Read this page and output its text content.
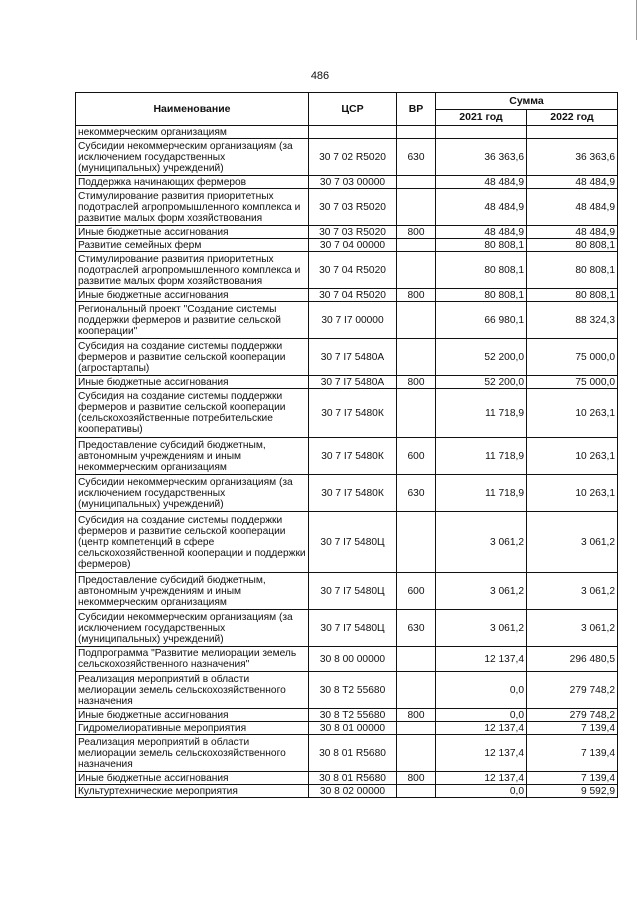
486
Наименование	ЦСР	ВР	Сумма	
			2021 год	2022 год
некоммерческим организациям				
Субсидии некоммерческим организациям (за исключением государственных (муниципальных) учреждений)	30 7 02 R5020	630	36 363,6	36 363,6
Поддержка начинающих фермеров	30 7 03 00000		48 484,9	48 484,9
Стимулирование развития приоритетных подотраслей агропромышленного комплекса и развитие малых форм хозяйствования	30 7 03 R5020		48 484,9	48 484,9
Иные бюджетные ассигнования	30 7 03 R5020	800	48 484,9	48 484,9
Развитие семейных ферм	30 7 04 00000		80 808,1	80 808,1
Стимулирование развития приоритетных подотраслей агропромышленного комплекса и развитие малых форм хозяйствования	30 7 04 R5020		80 808,1	80 808,1
Иные бюджетные ассигнования	30 7 04 R5020	800	80 808,1	80 808,1
Региональный проект "Создание системы поддержки фермеров и развитие сельской кооперации"	30 7 I7 00000		66 980,1	88 324,3
Субсидия на создание системы поддержки фермеров и развитие сельской кооперации (агростартапы)	30 7 I7 5480А		52 200,0	75 000,0
Иные бюджетные ассигнования	30 7 I7 5480А	800	52 200,0	75 000,0
Субсидия на создание системы поддержки фермеров и развитие сельской кооперации (сельскохозяйственные потребительские кооперативы)	30 7 I7 5480К		11 718,9	10 263,1
Предоставление субсидий бюджетным, автономным учреждениям и иным некоммерческим организациям	30 7 I7 5480К	600	11 718,9	10 263,1
Субсидии некоммерческим организациям (за исключением государственных (муниципальных) учреждений)	30 7 I7 5480К	630	11 718,9	10 263,1
Субсидия на создание системы поддержки фермеров и развитие сельской кооперации (центр компетенций в сфере сельскохозяйственной кооперации и поддержки фермеров)	30 7 I7 5480Ц		3 061,2	3 061,2
Предоставление субсидий бюджетным, автономным учреждениям и иным некоммерческим организациям	30 7 I7 5480Ц	600	3 061,2	3 061,2
Субсидии некоммерческим организациям (за исключением государственных (муниципальных) учреждений)	30 7 I7 5480Ц	630	3 061,2	3 061,2
Подпрограмма "Развитие мелиорации земель сельскохозяйственного назначения"	30 8 00 00000		12 137,4	296 480,5
Реализация мероприятий в области мелиорации земель сельскохозяйственного назначения	30 8 T2 55680		0,0	279 748,2
Иные бюджетные ассигнования	30 8 T2 55680	800	0,0	279 748,2
Гидромелиоративные мероприятия	30 8 01 00000		12 137,4	7 139,4
Реализация мероприятий в области мелиорации земель сельскохозяйственного назначения	30 8 01 R5680		12 137,4	7 139,4
Иные бюджетные ассигнования	30 8 01 R5680	800	12 137,4	7 139,4
Культуртехнические мероприятия	30 8 02 00000		0,0	9 592,9
